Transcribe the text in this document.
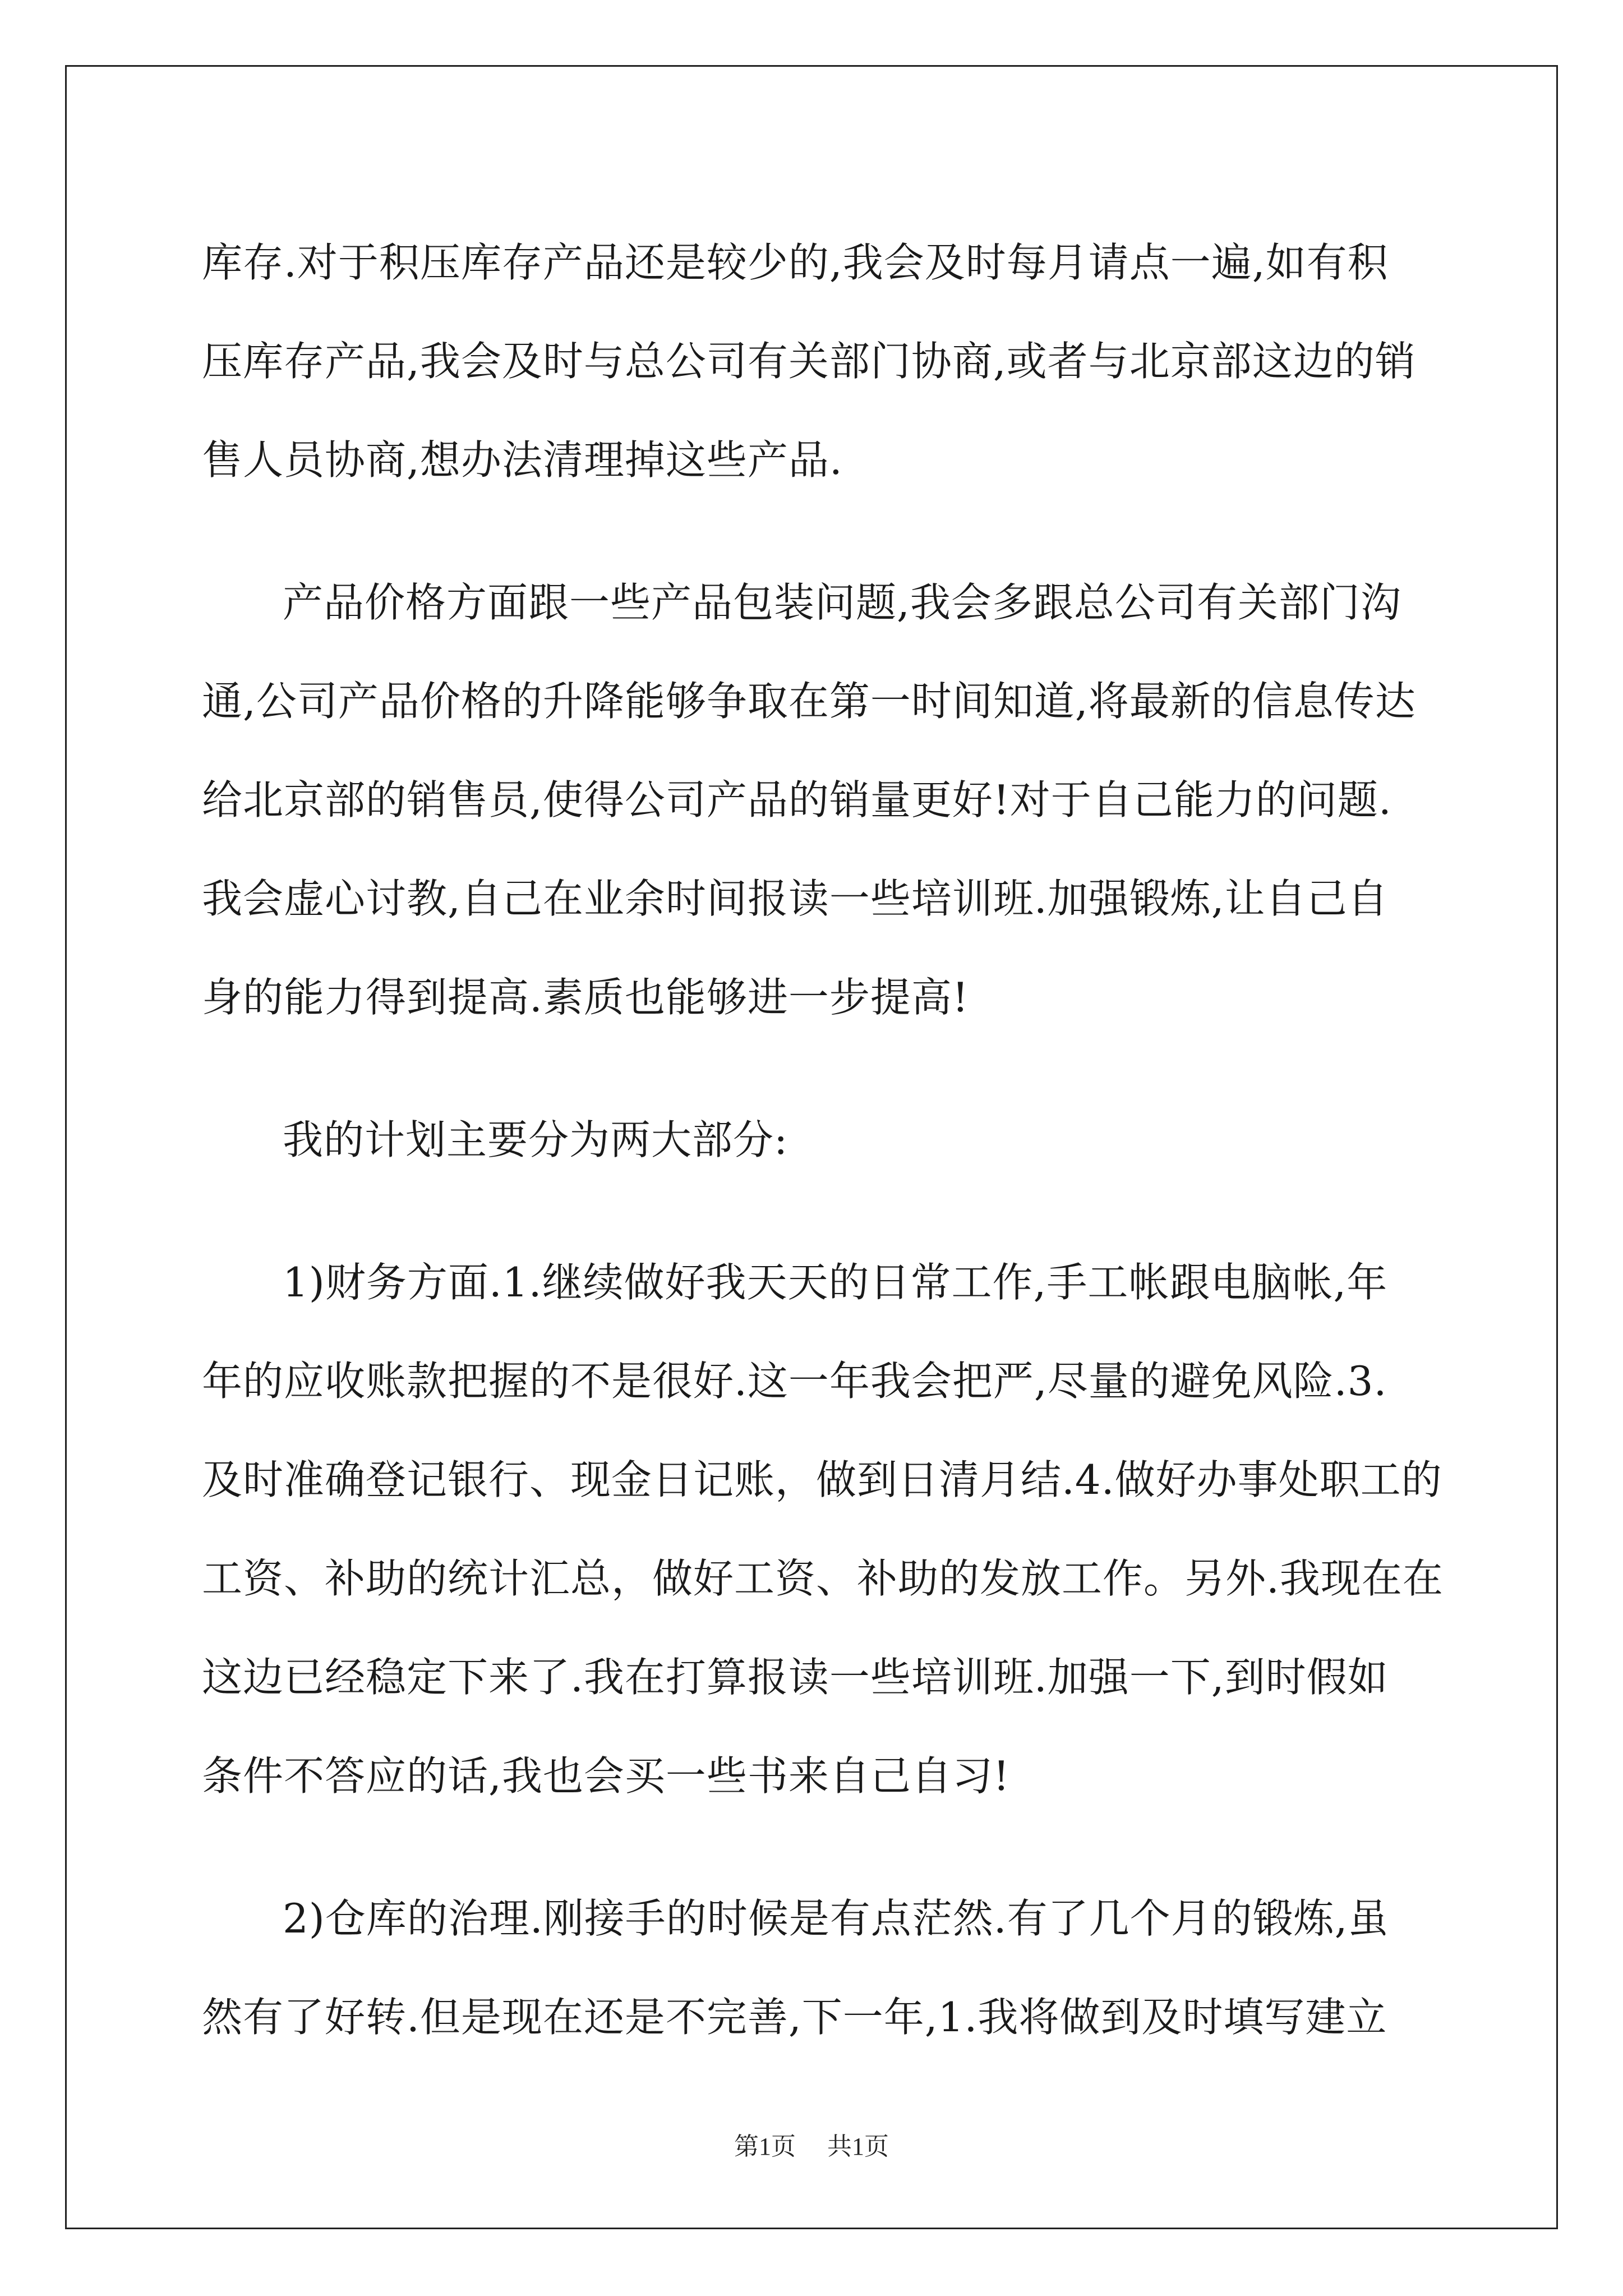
库存.对于积压库存产品还是较少的,我会及时每月请点一遍,如有积
压库存产品,我会及时与总公司有关部门协商,或者与北京部这边的销
售人员协商,想办法清理掉这些产品.
产品价格方面跟一些产品包装问题,我会多跟总公司有关部门沟
通,公司产品价格的升降能够争取在第一时间知道,将最新的信息传达
给北京部的销售员,使得公司产品的销量更好!对于自己能力的问题.
我会虚心讨教,自己在业余时间报读一些培训班.加强锻炼,让自己自
身的能力得到提高.素质也能够进一步提高!
我的计划主要分为两大部分:
1)财务方面.1.继续做好我天天的日常工作,手工帐跟电脑帐,年
年的应收账款把握的不是很好.这一年我会把严,尽量的避免风险.3.
及时准确登记银行、现金日记账，做到日清月结.4.做好办事处职工的
工资、补助的统计汇总，做好工资、补助的发放工作。另外.我现在在
这边已经稳定下来了.我在打算报读一些培训班.加强一下,到时假如
条件不答应的话,我也会买一些书来自己自习!
2)仓库的治理.刚接手的时候是有点茫然.有了几个月的锻炼,虽
然有了好转.但是现在还是不完善,下一年,1.我将做到及时填写建立
第1页 共1页
